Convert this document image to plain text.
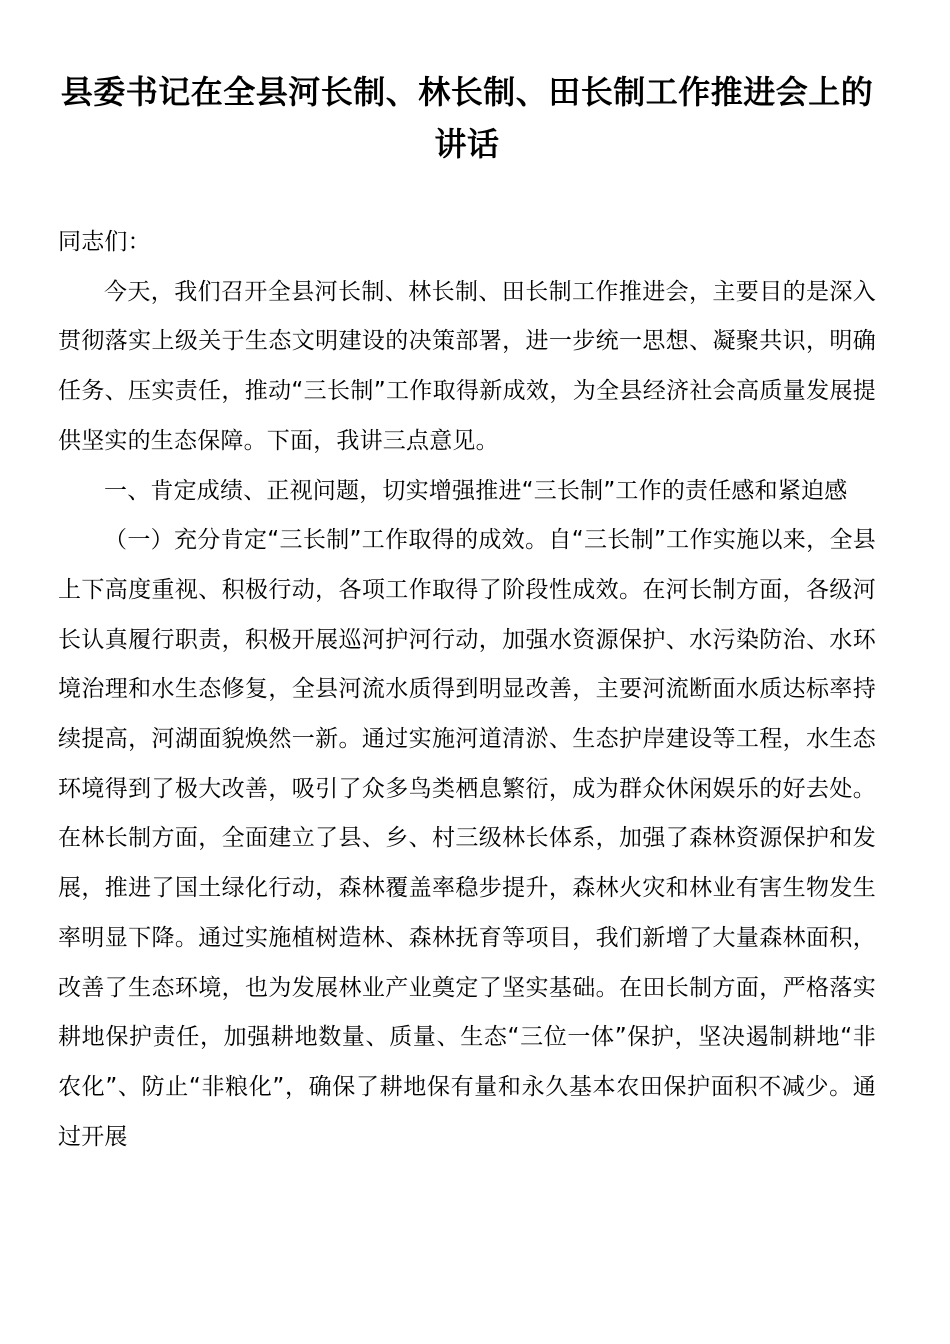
县委书记在全县河长制、林长制、田长制工作推进会上的讲话

同志们：

今天，我们召开全县河长制、林长制、田长制工作推进会，主要目的是深入贯彻落实上级关于生态文明建设的决策部署，进一步统一思想、凝聚共识，明确任务、压实责任，推动“三长制”工作取得新成效，为全县经济社会高质量发展提供坚实的生态保障。下面，我讲三点意见。

一、肯定成绩、正视问题，切实增强推进“三长制”工作的责任感和紧迫感

（一）充分肯定“三长制”工作取得的成效。自“三长制”工作实施以来，全县上下高度重视、积极行动，各项工作取得了阶段性成效。在河长制方面，各级河长认真履行职责，积极开展巡河护河行动，加强水资源保护、水污染防治、水环境治理和水生态修复，全县河流水质得到明显改善，主要河流断面水质达标率持续提高，河湖面貌焕然一新。通过实施河道清淤、生态护岸建设等工程，水生态环境得到了极大改善，吸引了众多鸟类栖息繁衍，成为群众休闲娱乐的好去处。在林长制方面，全面建立了县、乡、村三级林长体系，加强了森林资源保护和发展，推进了国土绿化行动，森林覆盖率稳步提升，森林火灾和林业有害生物发生率明显下降。通过实施植树造林、森林抚育等项目，我们新增了大量森林面积，改善了生态环境，也为发展林业产业奠定了坚实基础。在田长制方面，严格落实耕地保护责任，加强耕地数量、质量、生态“三位一体”保护，坚决遏制耕地“非农化”、防止“非粮化”，确保了耕地保有量和永久基本农田保护面积不减少。通过开展
